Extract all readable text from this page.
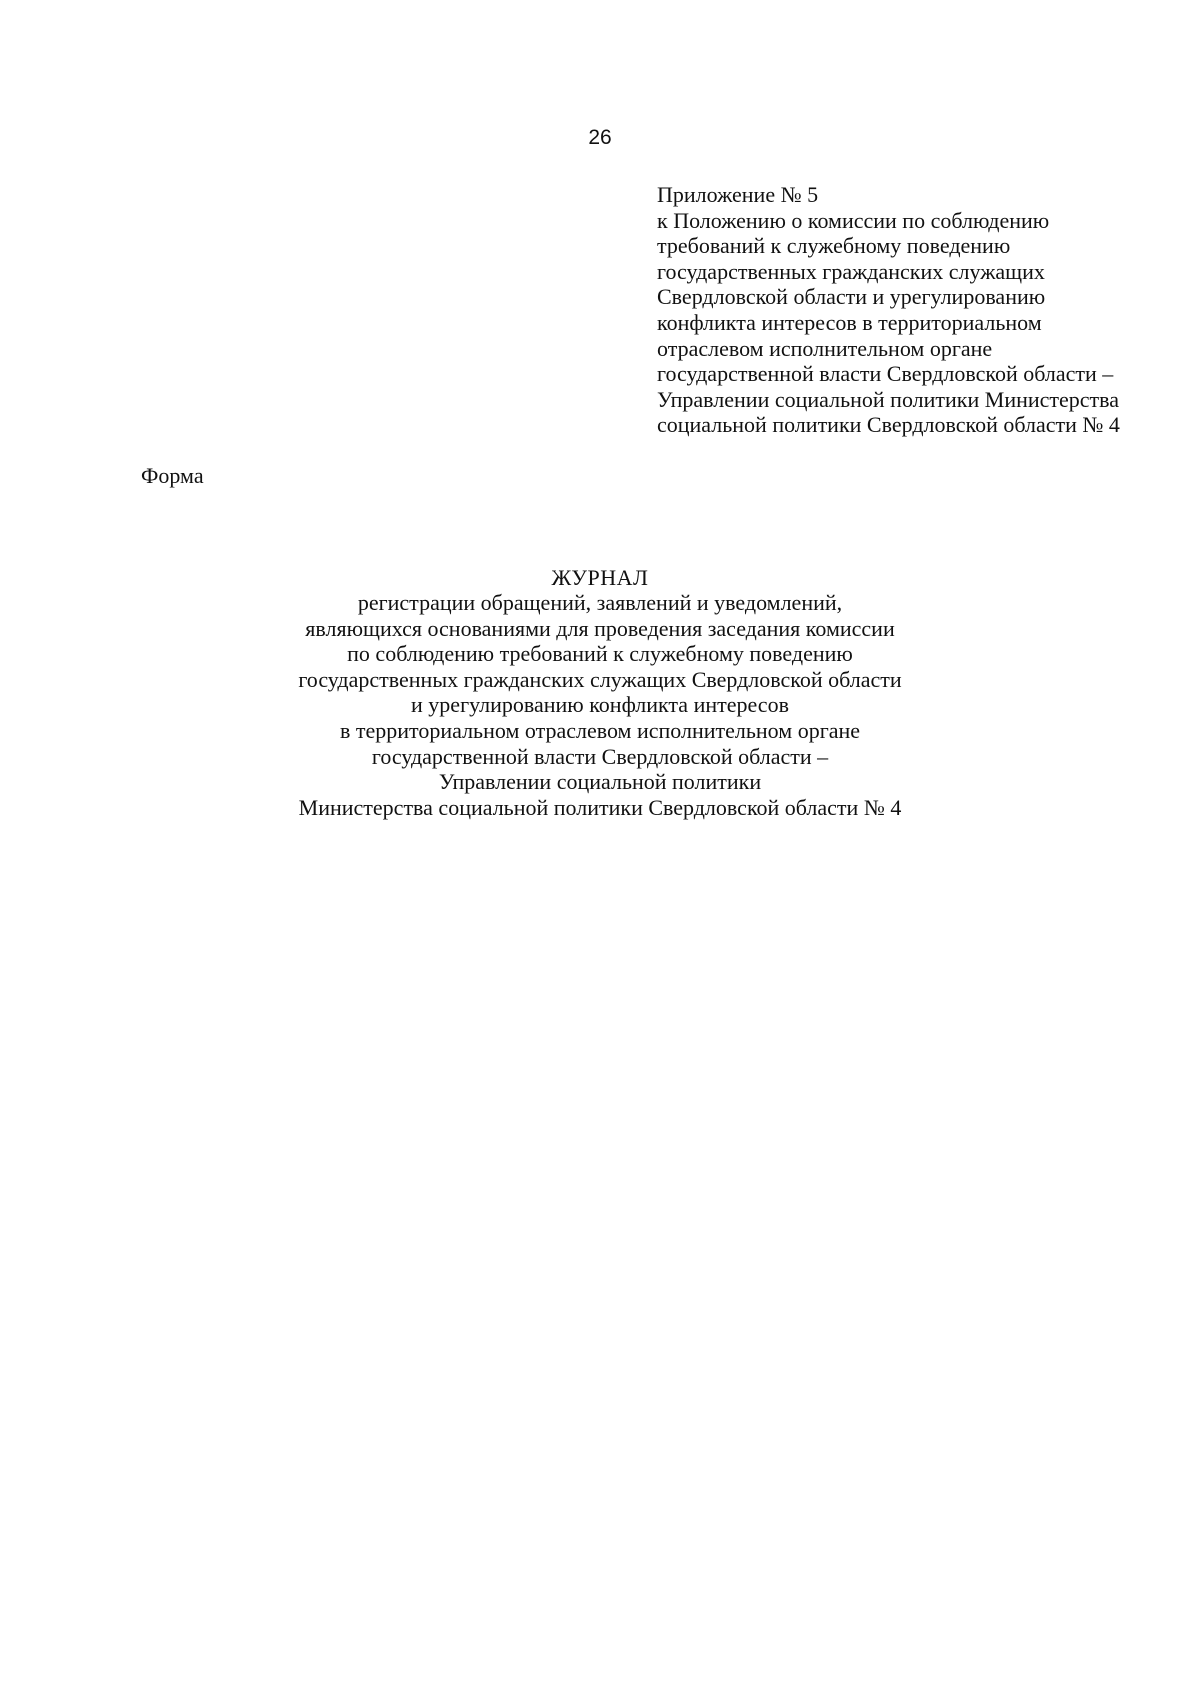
26
Приложение № 5
к Положению о комиссии по соблюдению
требований к служебному поведению
государственных гражданских служащих
Свердловской области и урегулированию
конфликта интересов в территориальном
отраслевом исполнительном органе
государственной власти Свердловской области –
Управлении социальной политики Министерства
социальной политики Свердловской области № 4
Форма
ЖУРНАЛ
регистрации обращений, заявлений и уведомлений,
являющихся основаниями для проведения заседания комиссии
по соблюдению требований к служебному поведению
государственных гражданских служащих Свердловской области
и урегулированию конфликта интересов
в территориальном отраслевом исполнительном органе
государственной власти Свердловской области –
Управлении социальной политики
Министерства социальной политики Свердловской области № 4
